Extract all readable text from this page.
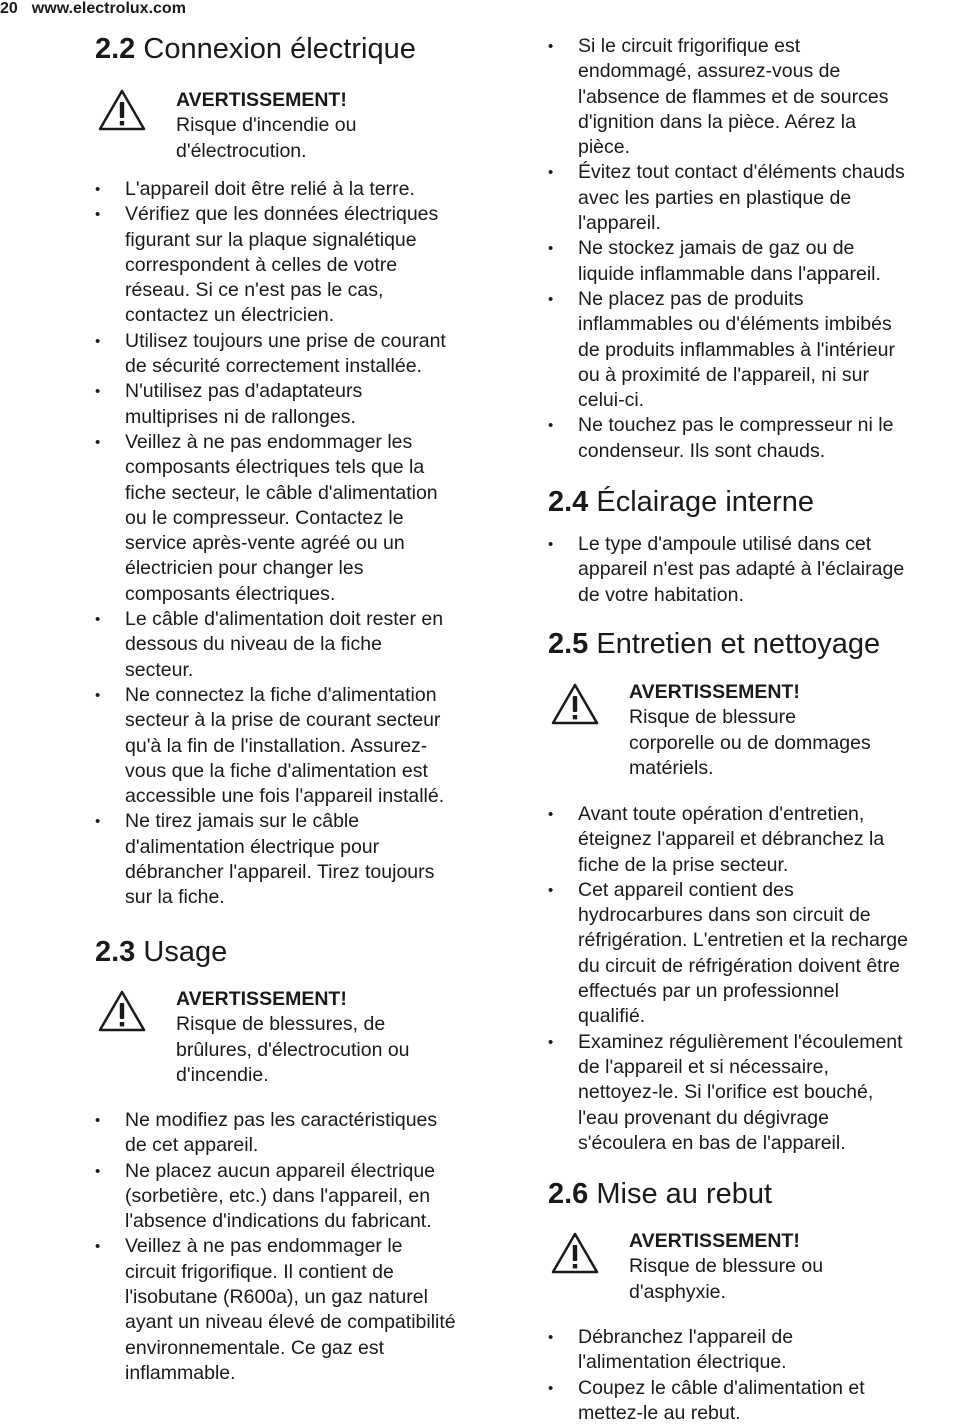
20 www.electrolux.com
2.2 Connexion électrique
AVERTISSEMENT!
Risque d'incendie ou
d'électrocution.
• L'appareil doit être relié à la terre.
• Vérifiez que les données électriques
figurant sur la plaque signalétique
correspondent à celles de votre
réseau. Si ce n'est pas le cas,
contactez un électricien.
• Utilisez toujours une prise de courant
de sécurité correctement installée.
• N'utilisez pas d'adaptateurs
multiprises ni de rallonges.
• Veillez à ne pas endommager les
composants électriques tels que la
fiche secteur, le câble d'alimentation
ou le compresseur. Contactez le
service après-vente agréé ou un
électricien pour changer les
composants électriques.
• Le câble d'alimentation doit rester en
dessous du niveau de la fiche
secteur.
• Ne connectez la fiche d'alimentation
secteur à la prise de courant secteur
qu'à la fin de l'installation. Assurez-
vous que la fiche d'alimentation est
accessible une fois l'appareil installé.
• Ne tirez jamais sur le câble
d'alimentation électrique pour
débrancher l'appareil. Tirez toujours
sur la fiche.
2.3 Usage
AVERTISSEMENT!
Risque de blessures, de
brûlures, d'électrocution ou
d'incendie.
• Ne modifiez pas les caractéristiques
de cet appareil.
• Ne placez aucun appareil électrique
(sorbetière, etc.) dans l'appareil, en
l'absence d'indications du fabricant.
• Veillez à ne pas endommager le
circuit frigorifique. Il contient de
l'isobutane (R600a), un gaz naturel
ayant un niveau élevé de compatibilité
environnementale. Ce gaz est
inflammable.
• Si le circuit frigorifique est
endommagé, assurez-vous de
l'absence de flammes et de sources
d'ignition dans la pièce. Aérez la
pièce.
• Évitez tout contact d'éléments chauds
avec les parties en plastique de
l'appareil.
• Ne stockez jamais de gaz ou de
liquide inflammable dans l'appareil.
• Ne placez pas de produits
inflammables ou d'éléments imbibés
de produits inflammables à l'intérieur
ou à proximité de l'appareil, ni sur
celui-ci.
• Ne touchez pas le compresseur ni le
condenseur. Ils sont chauds.
2.4 Éclairage interne
• Le type d'ampoule utilisé dans cet
appareil n'est pas adapté à l'éclairage
de votre habitation.
2.5 Entretien et nettoyage
AVERTISSEMENT!
Risque de blessure
corporelle ou de dommages
matériels.
• Avant toute opération d'entretien,
éteignez l'appareil et débranchez la
fiche de la prise secteur.
• Cet appareil contient des
hydrocarbures dans son circuit de
réfrigération. L'entretien et la recharge
du circuit de réfrigération doivent être
effectués par un professionnel
qualifié.
• Examinez régulièrement l'écoulement
de l'appareil et si nécessaire,
nettoyez-le. Si l'orifice est bouché,
l'eau provenant du dégivrage
s'écoulera en bas de l'appareil.
2.6 Mise au rebut
AVERTISSEMENT!
Risque de blessure ou
d'asphyxie.
• Débranchez l'appareil de
l'alimentation électrique.
• Coupez le câble d'alimentation et
mettez-le au rebut.
